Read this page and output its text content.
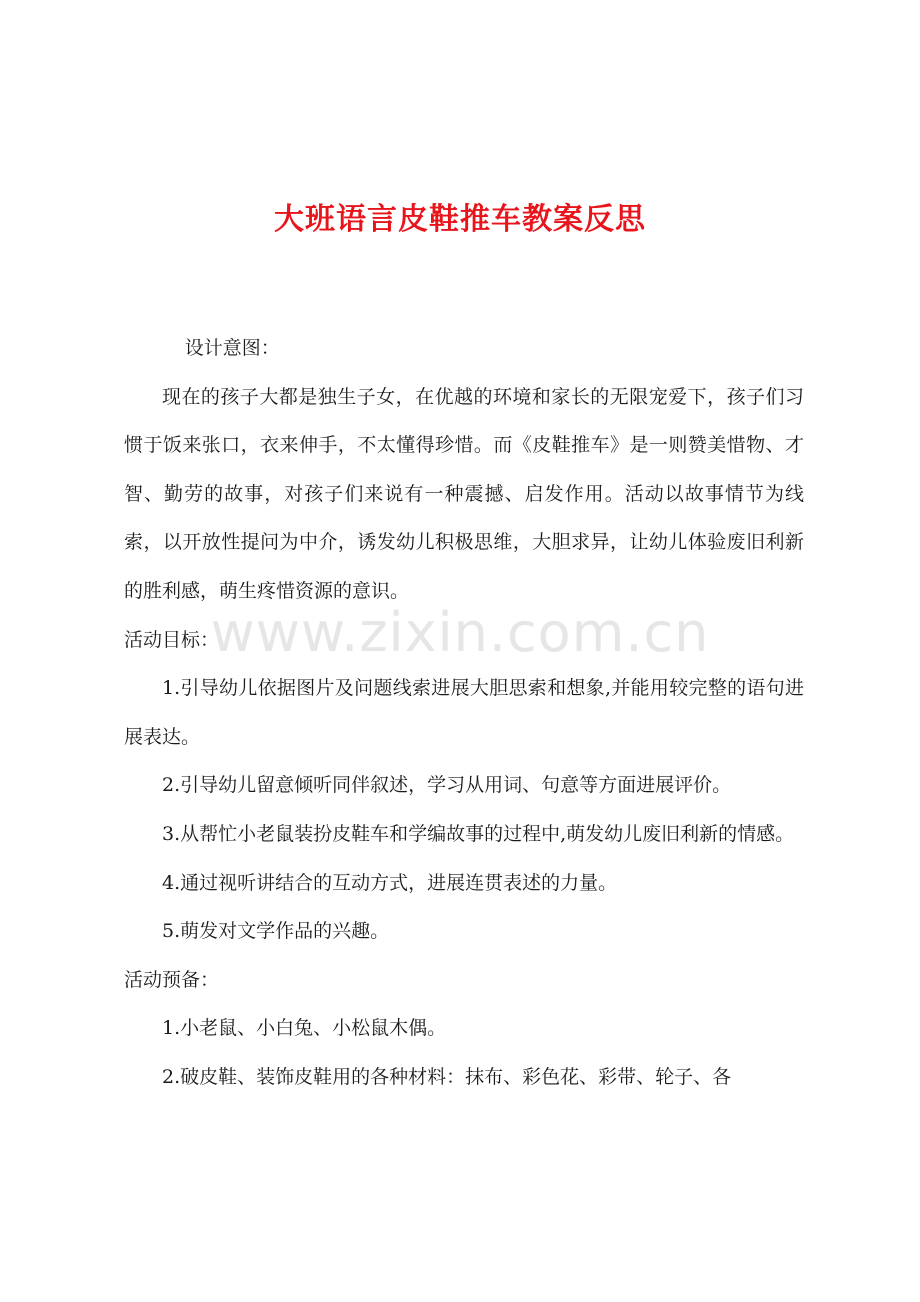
大班语言皮鞋推车教案反思
www.zixin.com.cn

设计意图：

现在的孩子大都是独生子女，在优越的环境和家长的无限宠爱下，孩子们习惯于饭来张口，衣来伸手，不太懂得珍惜。而《皮鞋推车》是一则赞美惜物、才智、勤劳的故事，对孩子们来说有一种震撼、启发作用。活动以故事情节为线索，以开放性提问为中介，诱发幼儿积极思维，大胆求异，让幼儿体验废旧利新的胜利感，萌生疼惜资源的意识。

活动目标：

1.引导幼儿依据图片及问题线索进展大胆思索和想象,并能用较完整的语句进展表达。

2.引导幼儿留意倾听同伴叙述，学习从用词、句意等方面进展评价。

3.从帮忙小老鼠装扮皮鞋车和学编故事的过程中,萌发幼儿废旧利新的情感。

4.通过视听讲结合的互动方式，进展连贯表述的力量。

5.萌发对文学作品的兴趣。

活动预备：

1.小老鼠、小白兔、小松鼠木偶。

2.破皮鞋、装饰皮鞋用的各种材料：抹布、彩色花、彩带、轮子、各
